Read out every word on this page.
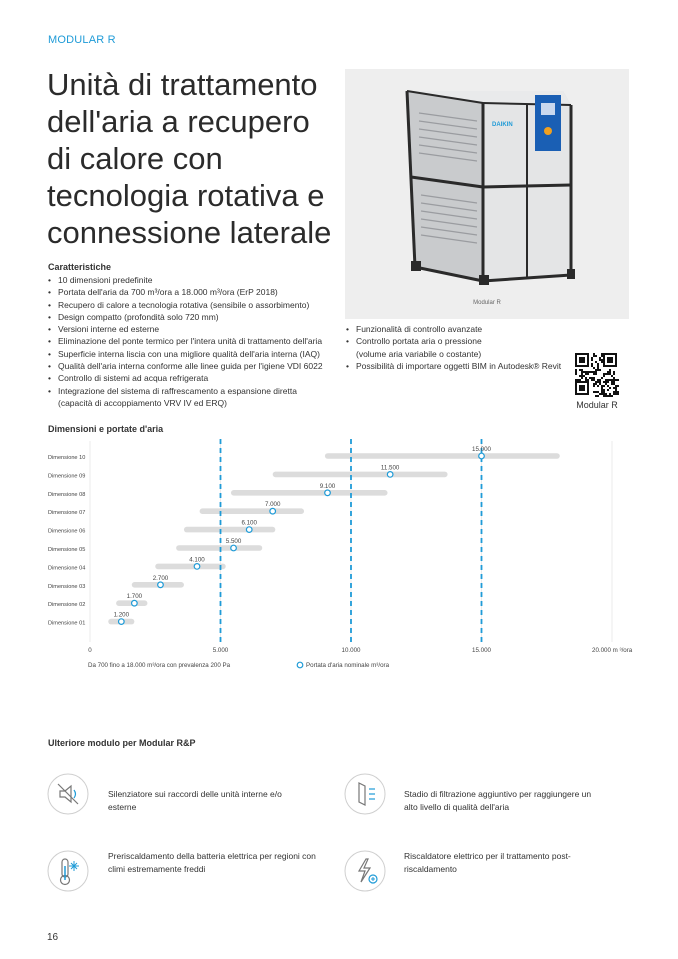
MODULAR R
Unità di trattamento dell'aria a recupero di calore con tecnologia rotativa e connessione laterale
DAIKIN
Modular R
Caratteristiche
• 10 dimensioni predefinite
• Portata dell'aria da 700 m³/ora a 18.000 m³/ora (ErP 2018)
• Recupero di calore a tecnologia rotativa (sensibile o assorbimento)
• Design compatto (profondità solo 720 mm)
• Versioni interne ed esterne
• Eliminazione del ponte termico per l'intera unità di trattamento dell'aria
• Superficie interna liscia con una migliore qualità dell'aria interna (IAQ)
• Qualità dell'aria interna conforme alle linee guida per l'igiene VDI 6022
• Controllo di sistemi ad acqua refrigerata
• Integrazione del sistema di raffrescamento a espansione diretta
(capacità di accoppiamento VRV IV ed ERQ)
• Funzionalità di controllo avanzate
• Controllo portata aria o pressione
(volume aria variabile o costante)
• Possibilità di importare oggetti BIM in Autodesk® Revit
Modular R
Dimensioni e portate d'aria
Dimensione 10
Dimensione 09
Dimensione 08
Dimensione 07
Dimensione 06
Dimensione 05
Dimensione 04
Dimensione 03
Dimensione 02
Dimensione 01
15.000
11.500
9.100
7.000
6.100
5.500
4.100
2.700
1.700
1.200
0	5.000	10.000	15.000	20.000 m ³/ora
Da 700 fino a 18.000 m³/ora con prevalenza 200 Pa	Portata d'aria nominale m³/ora
Ulteriore modulo per Modular R&P
Silenziatore sui raccordi delle unità interne e/o esterne
Stadio di filtrazione aggiuntivo per raggiungere un alto livello di qualità dell'aria
Preriscaldamento della batteria elettrica per regioni con climi estremamente freddi
Riscaldatore elettrico per il trattamento post-riscaldamento
16
